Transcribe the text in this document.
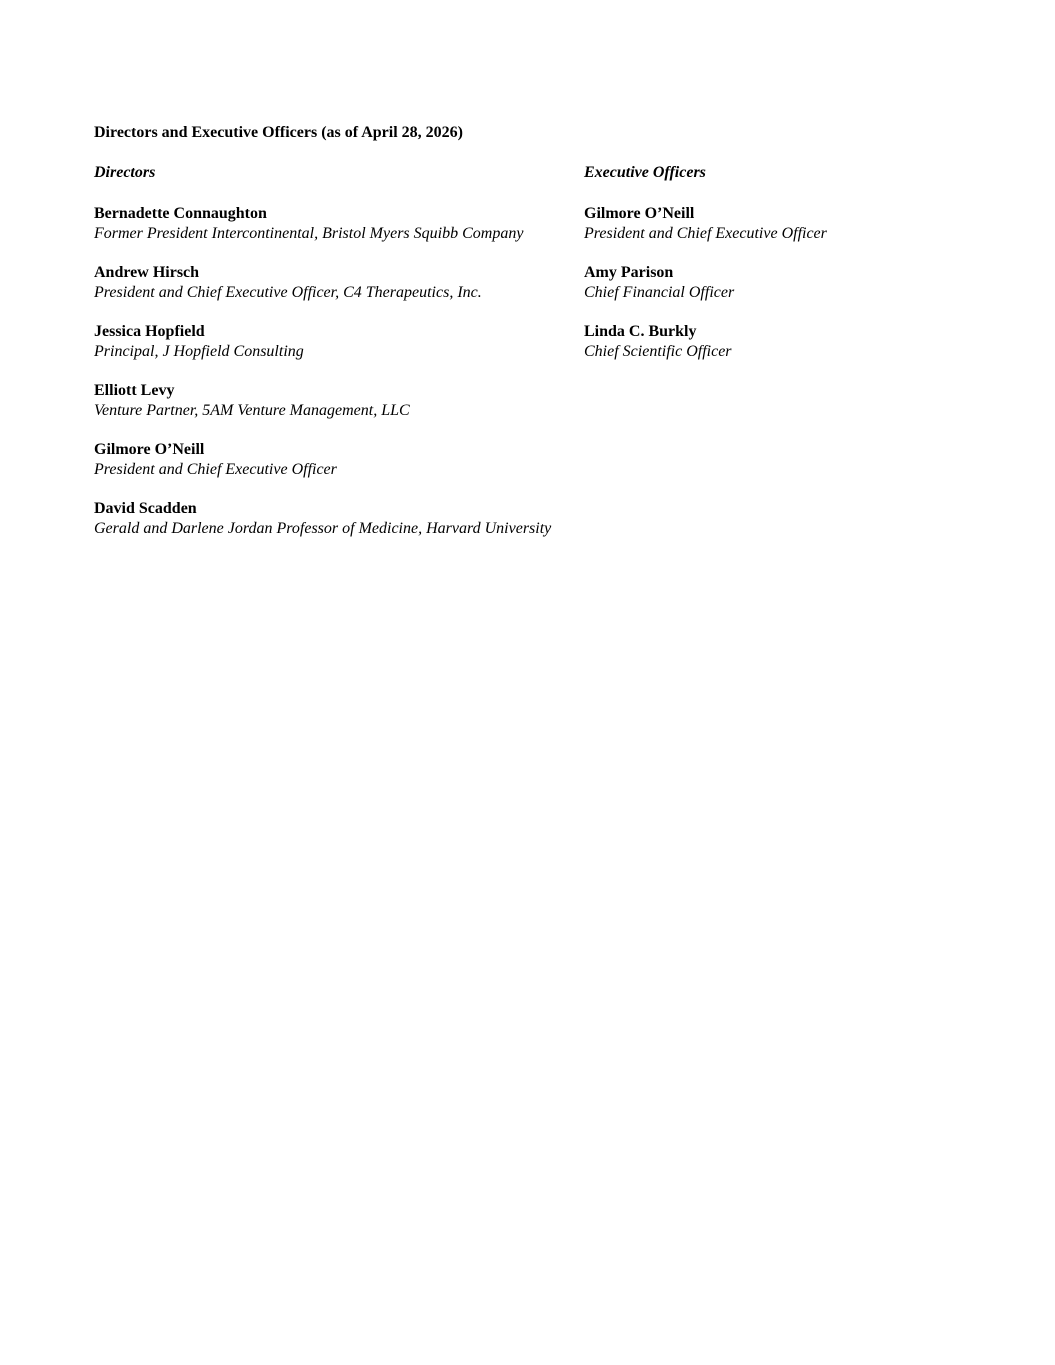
Directors and Executive Officers (as of April 28, 2026)
Directors
Bernadette Connaughton
Former President Intercontinental, Bristol Myers Squibb Company
Andrew Hirsch
President and Chief Executive Officer, C4 Therapeutics, Inc.
Jessica Hopfield
Principal, J Hopfield Consulting
Elliott Levy
Venture Partner, 5AM Venture Management, LLC
Gilmore O’Neill
President and Chief Executive Officer
David Scadden
Gerald and Darlene Jordan Professor of Medicine, Harvard University
Executive Officers
Gilmore O’Neill
President and Chief Executive Officer
Amy Parison
Chief Financial Officer
Linda C. Burkly
Chief Scientific Officer
